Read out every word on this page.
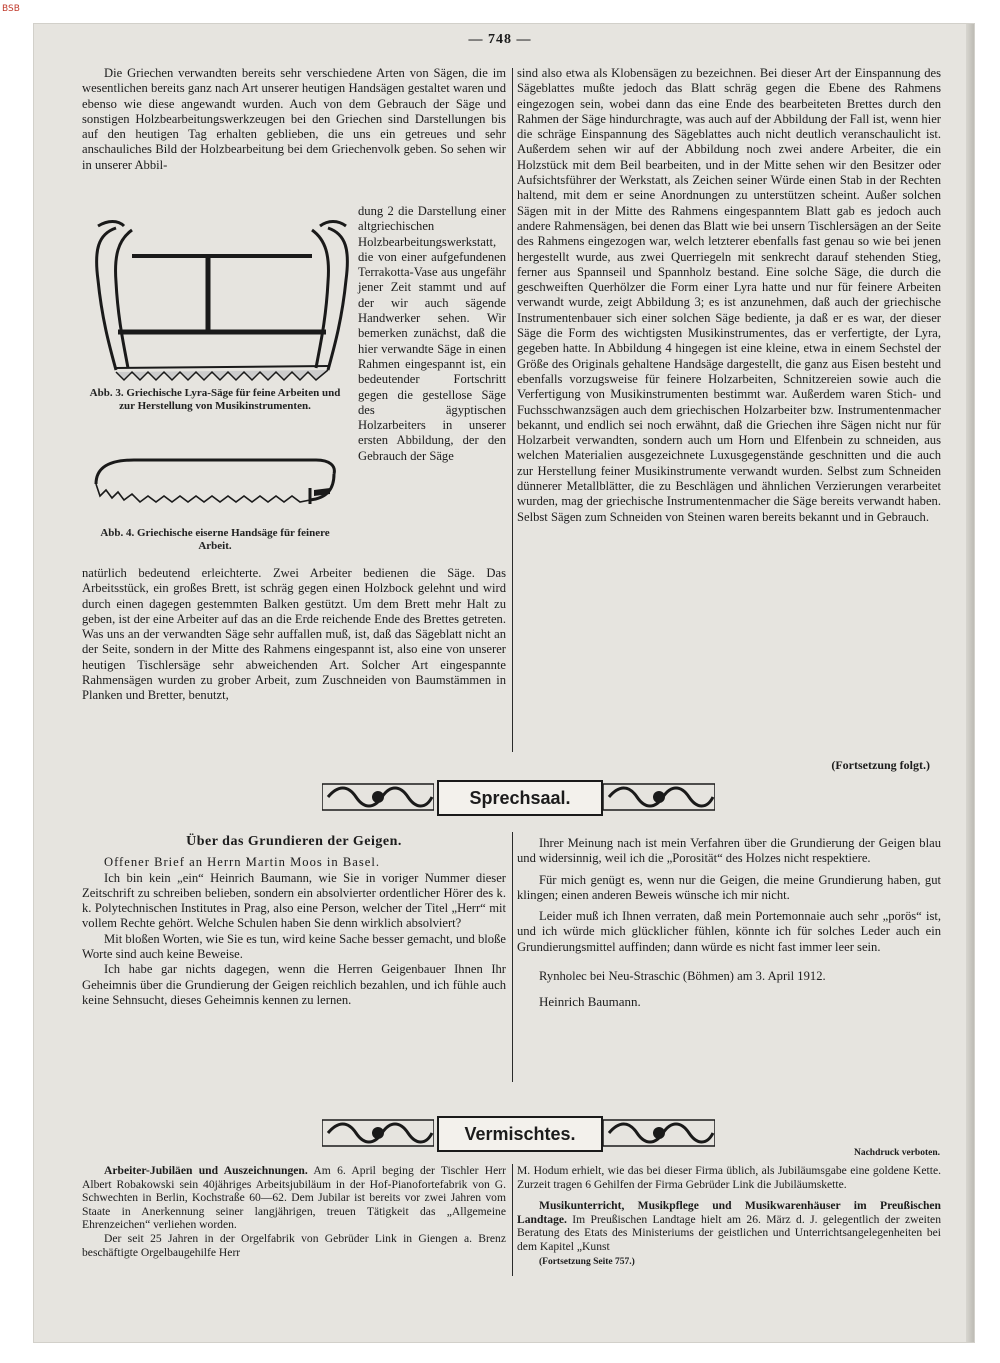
BSB
— 748 —

Die Griechen verwandten bereits sehr verschiedene Arten von Sägen, die im wesentlichen bereits ganz nach Art unserer heutigen Handsägen gestaltet waren und ebenso wie diese angewandt wurden. Auch von dem Gebrauch der Säge und sonstigen Holzbearbeitungswerkzeugen bei den Griechen sind Darstellungen bis auf den heutigen Tag erhalten geblieben, die uns ein getreues und sehr anschauliches Bild der Holzbearbeitung bei dem Griechenvolk geben. So sehen wir in unserer Abbil-

Abb. 3. Griechische Lyra-Säge für feine Arbeiten und zur Herstellung von Musikinstrumenten.
Abb. 4. Griechische eiserne Handsäge für feinere Arbeit.

dung 2 die Darstellung einer altgriechischen Holzbearbeitungswerkstatt, die von einer aufgefundenen Terrakotta-Vase aus ungefähr jener Zeit stammt und auf der wir auch sägende Handwerker sehen. Wir bemerken zunächst, daß die hier verwandte Säge in einen Rahmen eingespannt ist, ein bedeutender Fortschritt gegen die gestellose Säge des ägyptischen Holzarbeiters in unserer ersten Abbildung, der den Gebrauch der Säge

natürlich bedeutend erleichterte. Zwei Arbeiter bedienen die Säge. Das Arbeitsstück, ein großes Brett, ist schräg gegen einen Holzbock gelehnt und wird durch einen dagegen gestemmten Balken gestützt. Um dem Brett mehr Halt zu geben, ist der eine Arbeiter auf das an die Erde reichende Ende des Brettes getreten. Was uns an der verwandten Säge sehr auffallen muß, ist, daß das Sägeblatt nicht an der Seite, sondern in der Mitte des Rahmens eingespannt ist, also eine von unserer heutigen Tischlersäge sehr abweichenden Art. Solcher Art eingespannte Rahmensägen wurden zu grober Arbeit, zum Zuschneiden von Baumstämmen in Planken und Bretter, benutzt,

sind also etwa als Klobensägen zu bezeichnen. Bei dieser Art der Einspannung des Sägeblattes mußte jedoch das Blatt schräg gegen die Ebene des Rahmens eingezogen sein, wobei dann das eine Ende des bearbeiteten Brettes durch den Rahmen der Säge hindurchragte, was auch auf der Abbildung der Fall ist, wenn hier die schräge Einspannung des Sägeblattes auch nicht deutlich veranschaulicht ist. Außerdem sehen wir auf der Abbildung noch zwei andere Arbeiter, die ein Holzstück mit dem Beil bearbeiten, und in der Mitte sehen wir den Besitzer oder Aufsichtsführer der Werkstatt, als Zeichen seiner Würde einen Stab in der Rechten haltend, mit dem er seine Anordnungen zu unterstützen scheint. Außer solchen Sägen mit in der Mitte des Rahmens eingespanntem Blatt gab es jedoch auch andere Rahmensägen, bei denen das Blatt wie bei unsern Tischlersägen an der Seite des Rahmens eingezogen war, welch letzterer ebenfalls fast genau so wie bei jenen hergestellt wurde, aus zwei Querriegeln mit senkrecht darauf stehenden Stieg, ferner aus Spannseil und Spannholz bestand. Eine solche Säge, die durch die geschweiften Querhölzer die Form einer Lyra hatte und nur für feinere Arbeiten verwandt wurde, zeigt Abbildung 3; es ist anzunehmen, daß auch der griechische Instrumentenbauer sich einer solchen Säge bediente, ja daß er es war, der dieser Säge die Form des wichtigsten Musikinstrumentes, das er verfertigte, der Lyra, gegeben hatte. In Abbildung 4 hingegen ist eine kleine, etwa in einem Sechstel der Größe des Originals gehaltene Handsäge dargestellt, die ganz aus Eisen besteht und ebenfalls vorzugsweise für feinere Holzarbeiten, Schnitzereien sowie auch die Verfertigung von Musikinstrumenten bestimmt war. Außerdem waren Stich- und Fuchsschwanzsägen auch dem griechischen Holzarbeiter bzw. Instrumentenmacher bekannt, und endlich sei noch erwähnt, daß die Griechen ihre Sägen nicht nur für Holzarbeit verwandten, sondern auch um Horn und Elfenbein zu schneiden, aus welchen Materialien ausgezeichnete Luxusgegenstände geschnitten und die auch zur Herstellung feiner Musikinstrumente verwandt wurden. Selbst zum Schneiden dünnerer Metallblätter, die zu Beschlägen und ähnlichen Verzierungen verarbeitet wurden, mag der griechische Instrumentenmacher die Säge bereits verwandt haben. Selbst Sägen zum Schneiden von Steinen waren bereits bekannt und in Gebrauch.

(Fortsetzung folgt.)
Sprechsaal.
Über das Grundieren der Geigen.

Offener Brief an Herrn Martin Moos in Basel.

Ich bin kein „ein“ Heinrich Baumann, wie Sie in voriger Nummer dieser Zeitschrift zu schreiben belieben, sondern ein absolvierter ordentlicher Hörer des k. k. Polytechnischen Institutes in Prag, also eine Person, welcher der Titel „Herr“ mit vollem Rechte gehört. Welche Schulen haben Sie denn wirklich absolviert?

Mit bloßen Worten, wie Sie es tun, wird keine Sache besser gemacht, und bloße Worte sind auch keine Beweise.

Ich habe gar nichts dagegen, wenn die Herren Geigenbauer Ihnen Ihr Geheimnis über die Grundierung der Geigen reichlich bezahlen, und ich fühle auch keine Sehnsucht, dieses Geheimnis kennen zu lernen.

Ihrer Meinung nach ist mein Verfahren über die Grundierung der Geigen blau und widersinnig, weil ich die „Porosität“ des Holzes nicht respektiere.

Für mich genügt es, wenn nur die Geigen, die meine Grundierung haben, gut klingen; einen anderen Beweis wünsche ich mir nicht.

Leider muß ich Ihnen verraten, daß mein Portemonnaie auch sehr „porös“ ist, und ich würde mich glücklicher fühlen, könnte ich für solches Leder auch ein Grundierungsmittel auffinden; dann würde es nicht fast immer leer sein.

Rynholec bei Neu-Straschic (Böhmen) am 3. April 1912.

Heinrich Baumann.

Vermischtes.
Nachdruck verboten.

Arbeiter-Jubiläen und Auszeichnungen. Am 6. April beging der Tischler Herr Albert Robakowski sein 40jähriges Arbeitsjubiläum in der Hof-Pianofortefabrik von G. Schwechten in Berlin, Kochstraße 60—62. Dem Jubilar ist bereits vor zwei Jahren vom Staate in Anerkennung seiner langjährigen, treuen Tätigkeit das „Allgemeine Ehrenzeichen“ verliehen worden.

Der seit 25 Jahren in der Orgelfabrik von Gebrüder Link in Giengen a. Brenz beschäftigte Orgelbaugehilfe Herr

M. Hodum erhielt, wie das bei dieser Firma üblich, als Jubiläumsgabe eine goldene Kette. Zurzeit tragen 6 Gehilfen der Firma Gebrüder Link die Jubiläumskette.

Musikunterricht, Musikpflege und Musikwarenhäuser im Preußischen Landtage. Im Preußischen Landtage hielt am 26. März d. J. gelegentlich der zweiten Beratung des Etats des Ministeriums der geistlichen und Unterrichtsangelegenheiten bei dem Kapitel „Kunst

(Fortsetzung Seite 757.)
